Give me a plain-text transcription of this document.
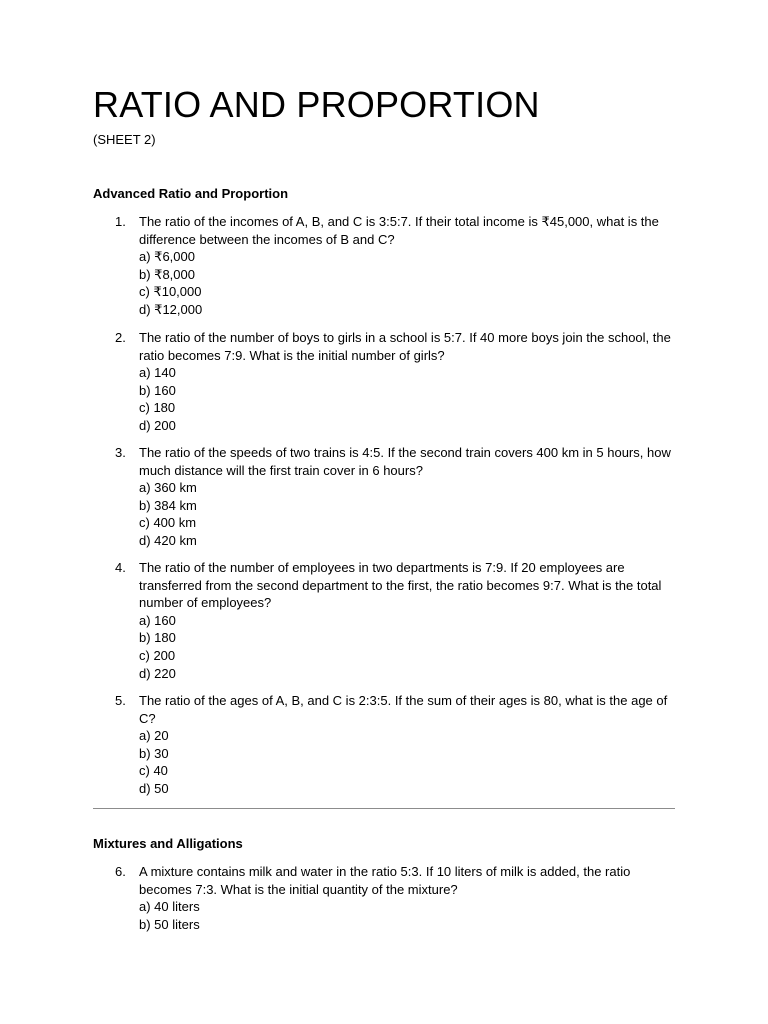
RATIO AND PROPORTION
(SHEET 2)
Advanced Ratio and Proportion
1.	The ratio of the incomes of A, B, and C is 3:5:7. If their total income is ₹45,000, what is the difference between the incomes of B and C?
a) ₹6,000
b) ₹8,000
c) ₹10,000
d) ₹12,000
2.	The ratio of the number of boys to girls in a school is 5:7. If 40 more boys join the school, the ratio becomes 7:9. What is the initial number of girls?
a) 140
b) 160
c) 180
d) 200
3.	The ratio of the speeds of two trains is 4:5. If the second train covers 400 km in 5 hours, how much distance will the first train cover in 6 hours?
a) 360 km
b) 384 km
c) 400 km
d) 420 km
4.	The ratio of the number of employees in two departments is 7:9. If 20 employees are transferred from the second department to the first, the ratio becomes 9:7. What is the total number of employees?
a) 160
b) 180
c) 200
d) 220
5.	The ratio of the ages of A, B, and C is 2:3:5. If the sum of their ages is 80, what is the age of C?
a) 20
b) 30
c) 40
d) 50
Mixtures and Alligations
6.	A mixture contains milk and water in the ratio 5:3. If 10 liters of milk is added, the ratio becomes 7:3. What is the initial quantity of the mixture?
a) 40 liters
b) 50 liters
